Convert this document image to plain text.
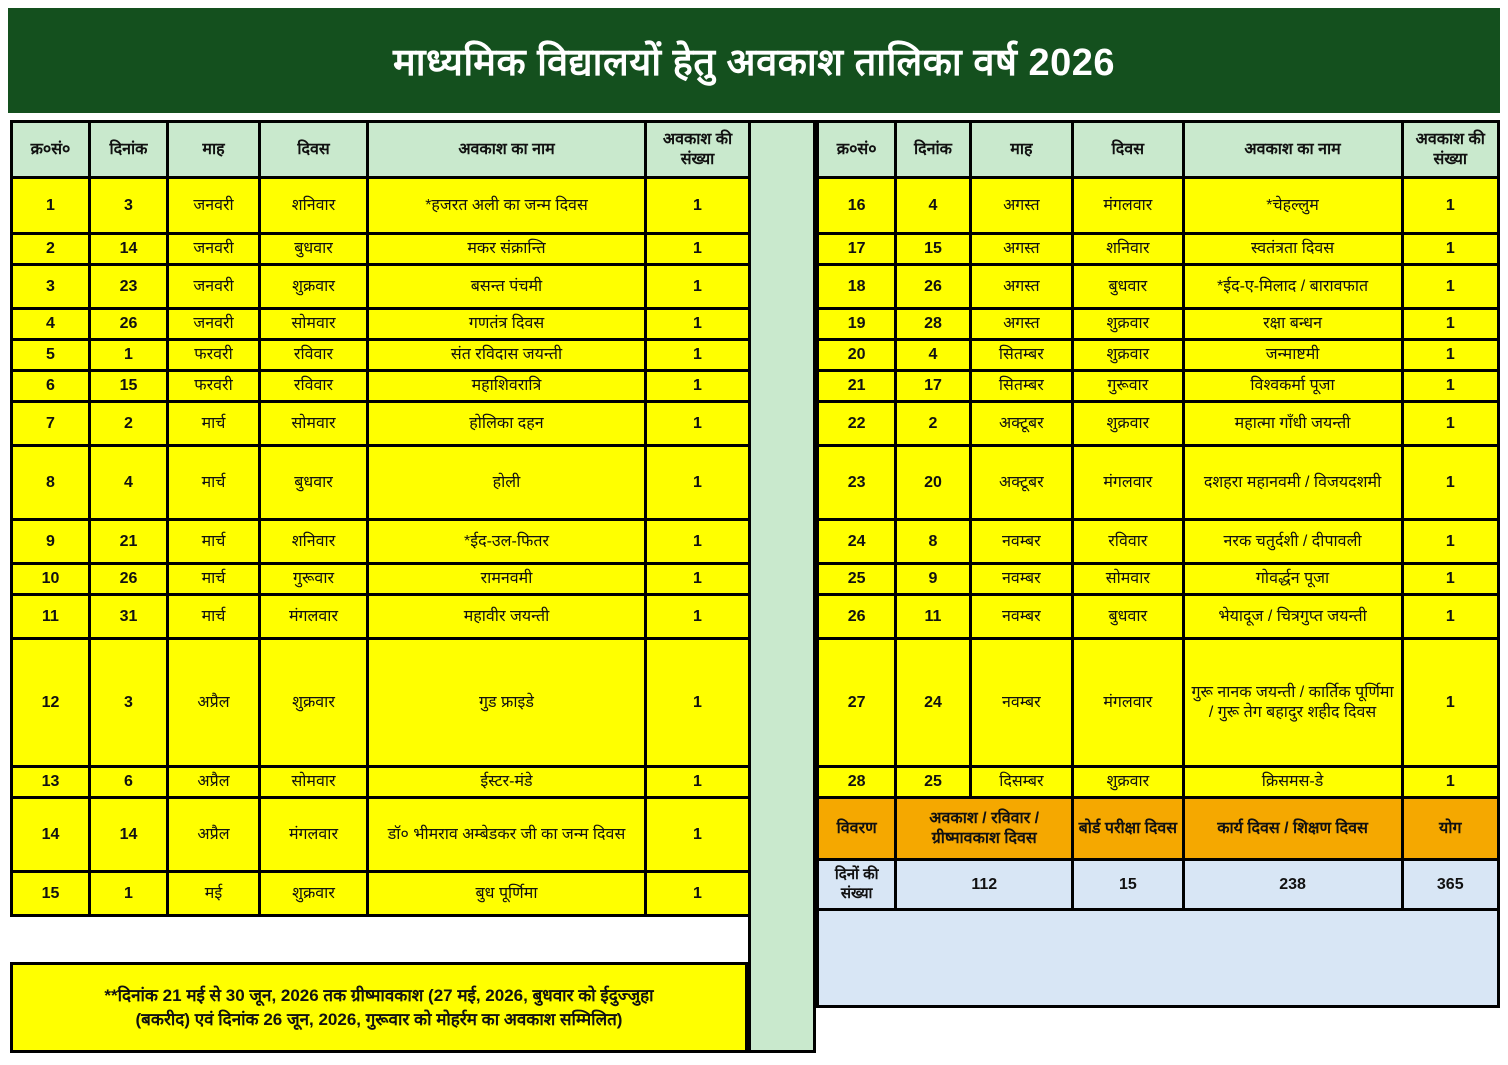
माध्यमिक विद्यालयों हेतु अवकाश तालिका वर्ष 2026
क्र०सं०	दिनांक	माह	दिवस	अवकाश का नाम	अवकाश की संख्या
1	3	जनवरी	शनिवार	*हजरत अली का जन्म दिवस	1
2	14	जनवरी	बुधवार	मकर संक्रान्ति	1
3	23	जनवरी	शुक्रवार	बसन्त पंचमी	1
4	26	जनवरी	सोमवार	गणतंत्र दिवस	1
5	1	फरवरी	रविवार	संत रविदास जयन्ती	1
6	15	फरवरी	रविवार	महाशिवरात्रि	1
7	2	मार्च	सोमवार	होलिका दहन	1
8	4	मार्च	बुधवार	होली	1
9	21	मार्च	शनिवार	*ईद-उल-फितर	1
10	26	मार्च	गुरूवार	रामनवमी	1
11	31	मार्च	मंगलवार	महावीर जयन्ती	1
12	3	अप्रैल	शुक्रवार	गुड फ्राइडे	1
13	6	अप्रैल	सोमवार	ईस्टर-मंडे	1
14	14	अप्रैल	मंगलवार	डॉ० भीमराव अम्बेडकर जी का जन्म दिवस	1
15	1	मई	शुक्रवार	बुध पूर्णिमा	1
क्र०सं०	दिनांक	माह	दिवस	अवकाश का नाम	अवकाश की संख्या
16	4	अगस्त	मंगलवार	*चेहल्लुम	1
17	15	अगस्त	शनिवार	स्वतंत्रता दिवस	1
18	26	अगस्त	बुधवार	*ईद-ए-मिलाद / बारावफात	1
19	28	अगस्त	शुक्रवार	रक्षा बन्धन	1
20	4	सितम्बर	शुक्रवार	जन्माष्टमी	1
21	17	सितम्बर	गुरूवार	विश्वकर्मा पूजा	1
22	2	अक्टूबर	शुक्रवार	महात्मा गाँधी जयन्ती	1
23	20	अक्टूबर	मंगलवार	दशहरा महानवमी / विजयदशमी	1
24	8	नवम्बर	रविवार	नरक चतुर्दशी / दीपावली	1
25	9	नवम्बर	सोमवार	गोवर्द्धन पूजा	1
26	11	नवम्बर	बुधवार	भेयादूज / चित्रगुप्त जयन्ती	1
27	24	नवम्बर	मंगलवार	गुरू नानक जयन्ती / कार्तिक पूर्णिमा / गुरू तेग बहादुर शहीद दिवस	1
28	25	दिसम्बर	शुक्रवार	क्रिसमस-डे	1
विवरण	अवकाश / रविवार / ग्रीष्मावकाश दिवस		बोर्ड परीक्षा दिवस	कार्य दिवस / शिक्षण दिवस	योग
दिनों की संख्या	112		15	238	365

**दिनांक 21 मई से 30 जून, 2026 तक ग्रीष्मावकाश (27 मई, 2026, बुधवार को ईदुज्जुहा
(बकरीद) एवं दिनांक 26 जून, 2026, गुरूवार को मोहर्रम का अवकाश सम्मिलित)
